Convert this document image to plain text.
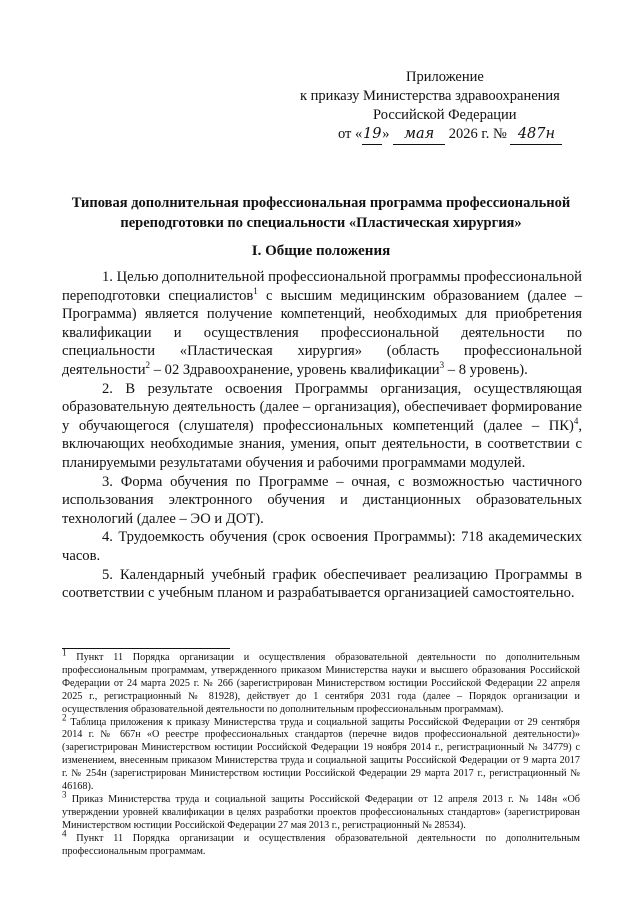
Приложение
к приказу Министерства здравоохранения
Российской Федерации
от «19» мая 2026 г. № 487н
Типовая дополнительная профессиональная программа профессиональной переподготовки по специальности «Пластическая хирургия»
I. Общие положения

1. Целью дополнительной профессиональной программы профессиональной переподготовки специалистов$^1$ с высшим медицинским образованием (далее – Программа) является получение компетенций, необходимых для приобретения квалификации и осуществления профессиональной деятельности по специальности «Пластическая хирургия» (область профессиональной деятельности$^2$ – 02 Здравоохранение, уровень квалификации$^3$ – 8 уровень).

2. В результате освоения Программы организация, осуществляющая образовательную деятельность (далее – организация), обеспечивает формирование у обучающегося (слушателя) профессиональных компетенций (далее – ПК)$^4$, включающих необходимые знания, умения, опыт деятельности, в соответствии с планируемыми результатами обучения и рабочими программами модулей.

3. Форма обучения по Программе – очная, с возможностью частичного использования электронного обучения и дистанционных образовательных технологий (далее – ЭО и ДОТ).

4. Трудоемкость обучения (срок освоения Программы): 718 академических часов.

5. Календарный учебный график обеспечивает реализацию Программы в соответствии с учебным планом и разрабатывается организацией самостоятельно.

$^1$ Пункт 11 Порядка организации и осуществления образовательной деятельности по дополнительным профессиональным программам, утвержденного приказом Министерства науки и высшего образования Российской Федерации от 24 марта 2025 г. № 266 (зарегистрирован Министерством юстиции Российской Федерации 22 апреля 2025 г., регистрационный № 81928), действует до 1 сентября 2031 года (далее – Порядок организации и осуществления образовательной деятельности по дополнительным профессиональным программам).

$^2$ Таблица приложения к приказу Министерства труда и социальной защиты Российской Федерации от 29 сентября 2014 г. № 667н «О реестре профессиональных стандартов (перечне видов профессиональной деятельности)» (зарегистрирован Министерством юстиции Российской Федерации 19 ноября 2014 г., регистрационный № 34779) с изменением, внесенным приказом Министерства труда и социальной защиты Российской Федерации от 9 марта 2017 г. № 254н (зарегистрирован Министерством юстиции Российской Федерации 29 марта 2017 г., регистрационный № 46168).

$^3$ Приказ Министерства труда и социальной защиты Российской Федерации от 12 апреля 2013 г. № 148н «Об утверждении уровней квалификации в целях разработки проектов профессиональных стандартов» (зарегистрирован Министерством юстиции Российской Федерации 27 мая 2013 г., регистрационный № 28534).

$^4$ Пункт 11 Порядка организации и осуществления образовательной деятельности по дополнительным профессиональным программам.
